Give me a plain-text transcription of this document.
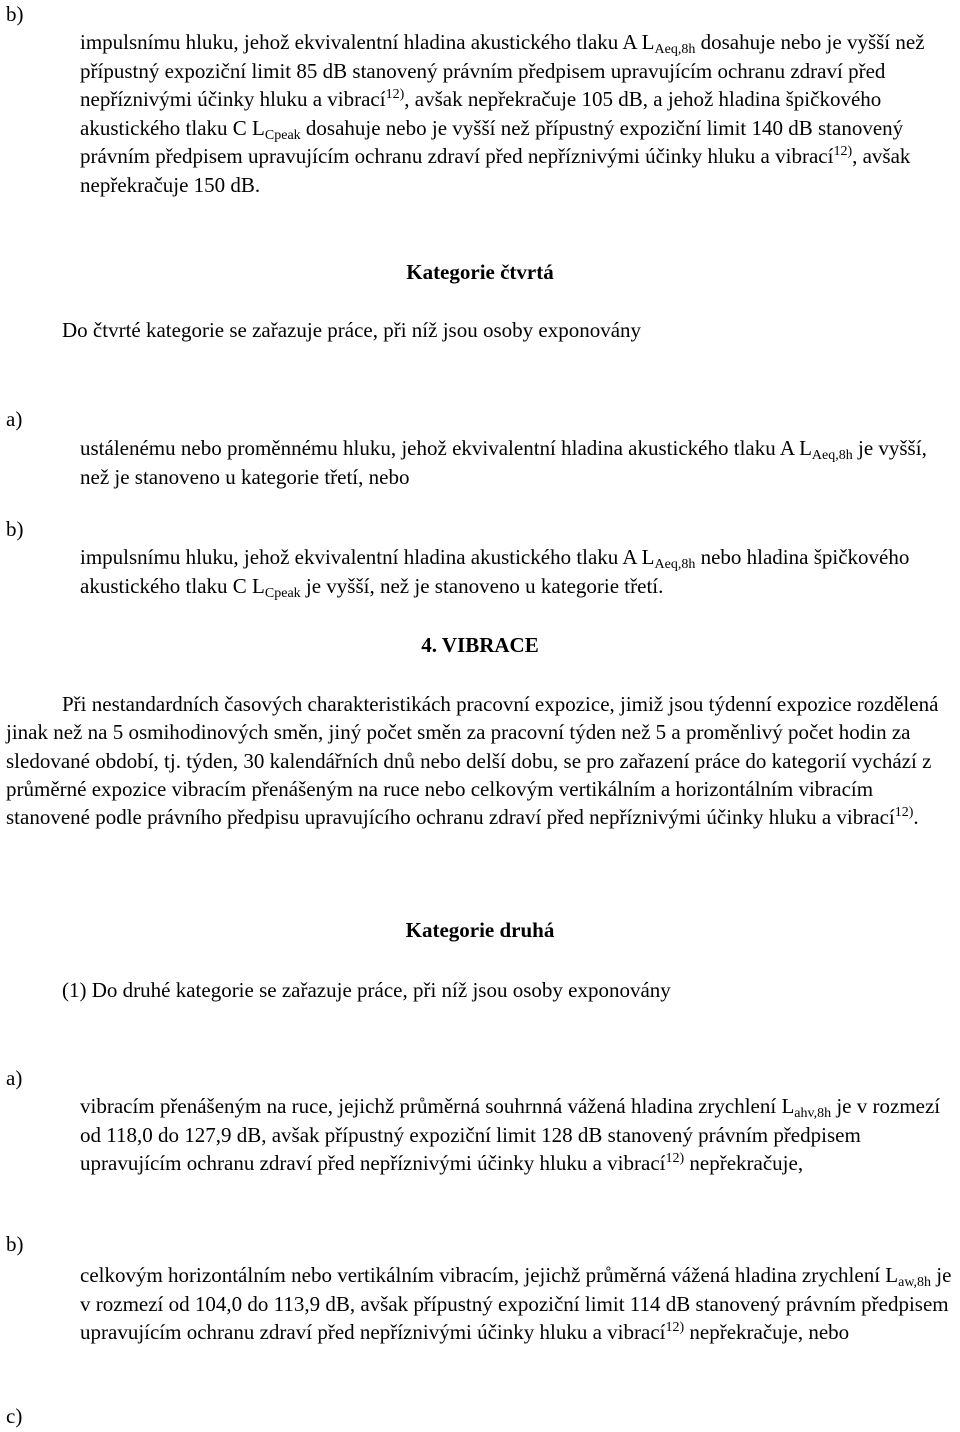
b)
impulsnímu hluku, jehož ekvivalentní hladina akustického tlaku A $L_{Aeq,8h}$ dosahuje nebo je vyšší než přípustný expoziční limit 85 dB stanovený právním předpisem upravujícím ochranu zdraví před nepříznivými účinky hluku a vibrací$^{12)}$, avšak nepřekračuje 105 dB, a jehož hladina špičkového akustického tlaku C $L_{Cpeak}$ dosahuje nebo je vyšší než přípustný expoziční limit 140 dB stanovený právním předpisem upravujícím ochranu zdraví před nepříznivými účinky hluku a vibrací$^{12)}$, avšak nepřekračuje 150 dB.
Kategorie čtvrtá
Do čtvrté kategorie se zařazuje práce, při níž jsou osoby exponovány
a)
ustálenému nebo proměnnému hluku, jehož ekvivalentní hladina akustického tlaku A $L_{Aeq,8h}$ je vyšší, než je stanoveno u kategorie třetí, nebo
b)
impulsnímu hluku, jehož ekvivalentní hladina akustického tlaku A $L_{Aeq,8h}$ nebo hladina špičkového akustického tlaku C $L_{Cpeak}$ je vyšší, než je stanoveno u kategorie třetí.
4. VIBRACE
Při nestandardních časových charakteristikách pracovní expozice, jimiž jsou týdenní expozice rozdělená jinak než na 5 osmihodinových směn, jiný počet směn za pracovní týden než 5 a proměnlivý počet hodin za sledované období, tj. týden, 30 kalendářních dnů nebo delší dobu, se pro zařazení práce do kategorií vychází z průměrné expozice vibracím přenášeným na ruce nebo celkovým vertikálním a horizontálním vibracím stanovené podle právního předpisu upravujícího ochranu zdraví před nepříznivými účinky hluku a vibrací$^{12)}$.
Kategorie druhá
(1) Do druhé kategorie se zařazuje práce, při níž jsou osoby exponovány
a)
vibracím přenášeným na ruce, jejichž průměrná souhrnná vážená hladina zrychlení $L_{ahv,8h}$ je v rozmezí od 118,0 do 127,9 dB, avšak přípustný expoziční limit 128 dB stanovený právním předpisem upravujícím ochranu zdraví před nepříznivými účinky hluku a vibrací$^{12)}$ nepřekračuje,
b)
celkovým horizontálním nebo vertikálním vibracím, jejichž průměrná vážená hladina zrychlení $L_{aw,8h}$ je v rozmezí od 104,0 do 113,9 dB, avšak přípustný expoziční limit 114 dB stanovený právním předpisem upravujícím ochranu zdraví před nepříznivými účinky hluku a vibrací$^{12)}$ nepřekračuje, nebo
c)
